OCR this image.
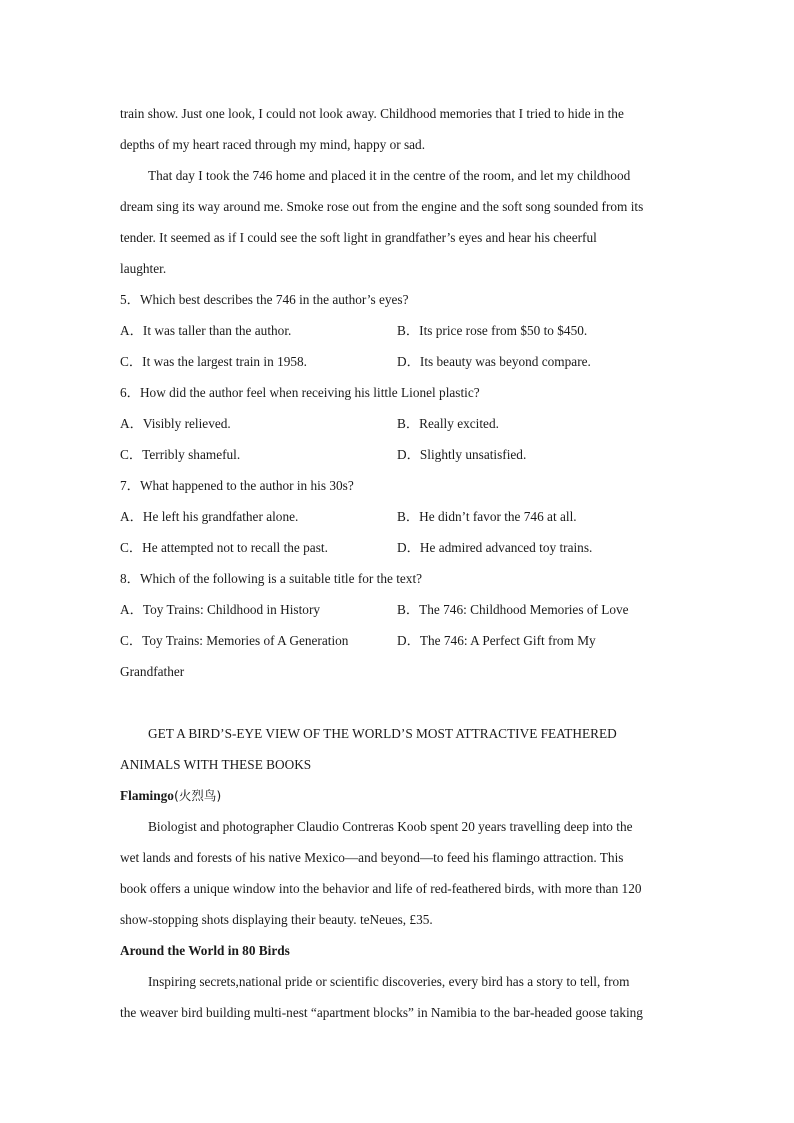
train show. Just one look, I could not look away. Childhood memories that I tried to hide in the
depths of my heart raced through my mind, happy or sad.
That day I took the 746 home and placed it in the centre of the room, and let my childhood
dream sing its way around me. Smoke rose out from the engine and the soft song sounded from its
tender. It seemed as if I could see the soft light in grandfather’s eyes and hear his cheerful
laughter.
5．Which best describes the 746 in the author’s eyes?
A．It was taller than the author.	B．Its price rose from $50 to $450.
C．It was the largest train in 1958.	D．Its beauty was beyond compare.
6．How did the author feel when receiving his little Lionel plastic?
A．Visibly relieved.	B．Really excited.
C．Terribly shameful.	D．Slightly unsatisfied.
7．What happened to the author in his 30s?
A．He left his grandfather alone.	B．He didn’t favor the 746 at all.
C．He attempted not to recall the past.	D．He admired advanced toy trains.
8．Which of the following is a suitable title for the text?
A．Toy Trains: Childhood in History	B．The 746: Childhood Memories of Love
C．Toy Trains: Memories of A Generation	D．The 746: A Perfect Gift from My
Grandfather
GET A BIRD’S-EYE VIEW OF THE WORLD’S MOST ATTRACTIVE FEATHERED
ANIMALS WITH THESE BOOKS
Flamingo(火烈鸟)
Biologist and photographer Claudio Contreras Koob spent 20 years travelling deep into the
wet lands and forests of his native Mexico—and beyond—to feed his flamingo attraction. This
book offers a unique window into the behavior and life of red-feathered birds, with more than 120
show-stopping shots displaying their beauty. teNeues, £35.
Around the World in 80 Birds
Inspiring secrets,national pride or scientific discoveries, every bird has a story to tell, from
the weaver bird building multi-nest “apartment blocks” in Namibia to the bar-headed goose taking
